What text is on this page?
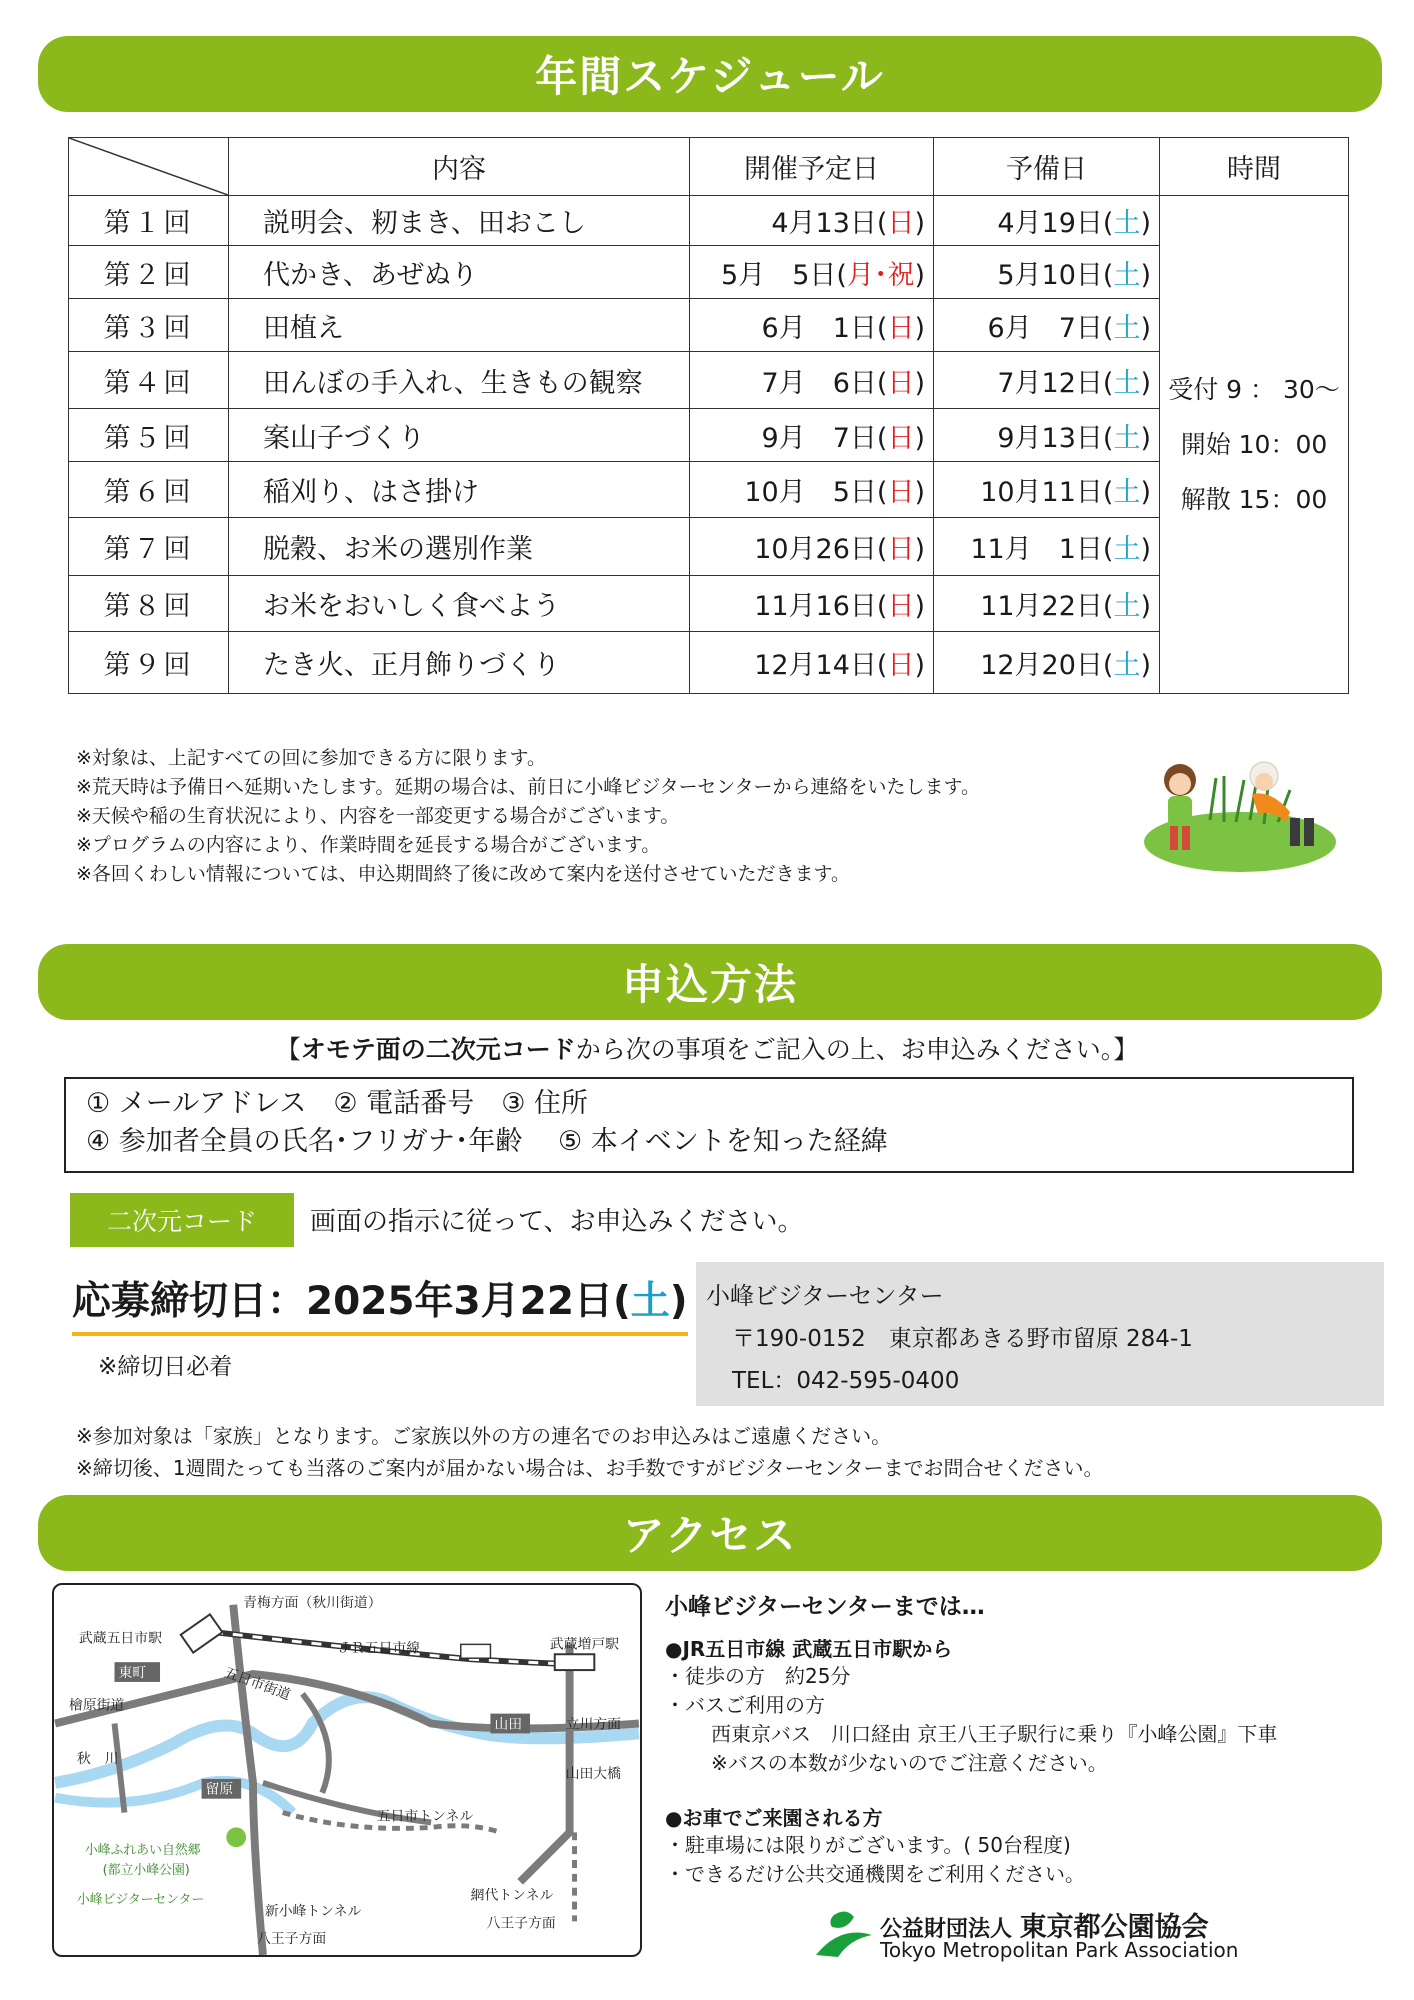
年間スケジュール
	内容	開催予定日	予備日	時間
第１回	説明会、籾まき、田おこし	4月13日(日)	4月19日(土)	受付 9 ： 30～
開始 10：00
解散 15：00

第２回	代かき、あぜぬり	5月　5日(月･祝)	5月10日(土)	
第３回	田植え	6月　1日(日)	6月　7日(土)	
第４回	田んぼの手入れ、生きもの観察	7月　6日(日)	7月12日(土)	
第５回	案山子づくり	9月　7日(日)	9月13日(土)	
第６回	稲刈り、はさ掛け	10月　5日(日)	10月11日(土)	
第７回	脱穀、お米の選別作業	10月26日(日)	11月　1日(土)	
第８回	お米をおいしく食べよう	11月16日(日)	11月22日(土)	
第９回	たき火、正月飾りづくり	12月14日(日)	12月20日(土)	
※対象は、上記すべての回に参加できる方に限ります。
※荒天時は予備日へ延期いたします。延期の場合は、前日に小峰ビジターセンターから連絡をいたします。
※天候や稲の生育状況により、内容を一部変更する場合がございます。
※プログラムの内容により、作業時間を延長する場合がございます。
※各回くわしい情報については、申込期間終了後に改めて案内を送付させていただきます。
申込方法
【オモテ面の二次元コードから次の事項をご記入の上、お申込みください。】
① メールアドレス　② 電話番号　③ 住所
④ 参加者全員の氏名･フリガナ･年齢　 ⑤ 本イベントを知った経緯
二次元コード 画面の指示に従って、お申込みください。
応募締切日：2025年3月22日(土)
※締切日必着
小峰ビジターセンター
〒190-0152　東京都あきる野市留原 284-1
TEL：042-595-0400
※参加対象は「家族」となります。ご家族以外の方の連名でのお申込みはご遠慮ください。
※締切後、1週間たっても当落のご案内が届かない場合は、お手数ですがビジターセンターまでお問合せください。
アクセス
青梅方面（秋川街道）
武蔵五日市駅
ＪＲ五日市線	武蔵増戸駅
東町	五日市街道
檜原街道
秋　川
山田	立川方面
山田大橋
留原
五日市トンネル
小峰ふれあい自然郷
(都立小峰公園)
小峰ビジターセンター
新小峰トンネル
八王子方面
網代トンネル
八王子方面
小峰ビジターセンターまでは…
●JR五日市線 武蔵五日市駅から
・徒歩の方　約25分
・バスご利用の方
西東京バス　川口経由 京王八王子駅行に乗り『小峰公園』下車
※バスの本数が少ないのでご注意ください。
●お車でご来園される方
・駐車場には限りがございます。( 50台程度)
・できるだけ公共交通機関をご利用ください。
公益財団法人 東京都公園協会
Tokyo Metropolitan Park Association
